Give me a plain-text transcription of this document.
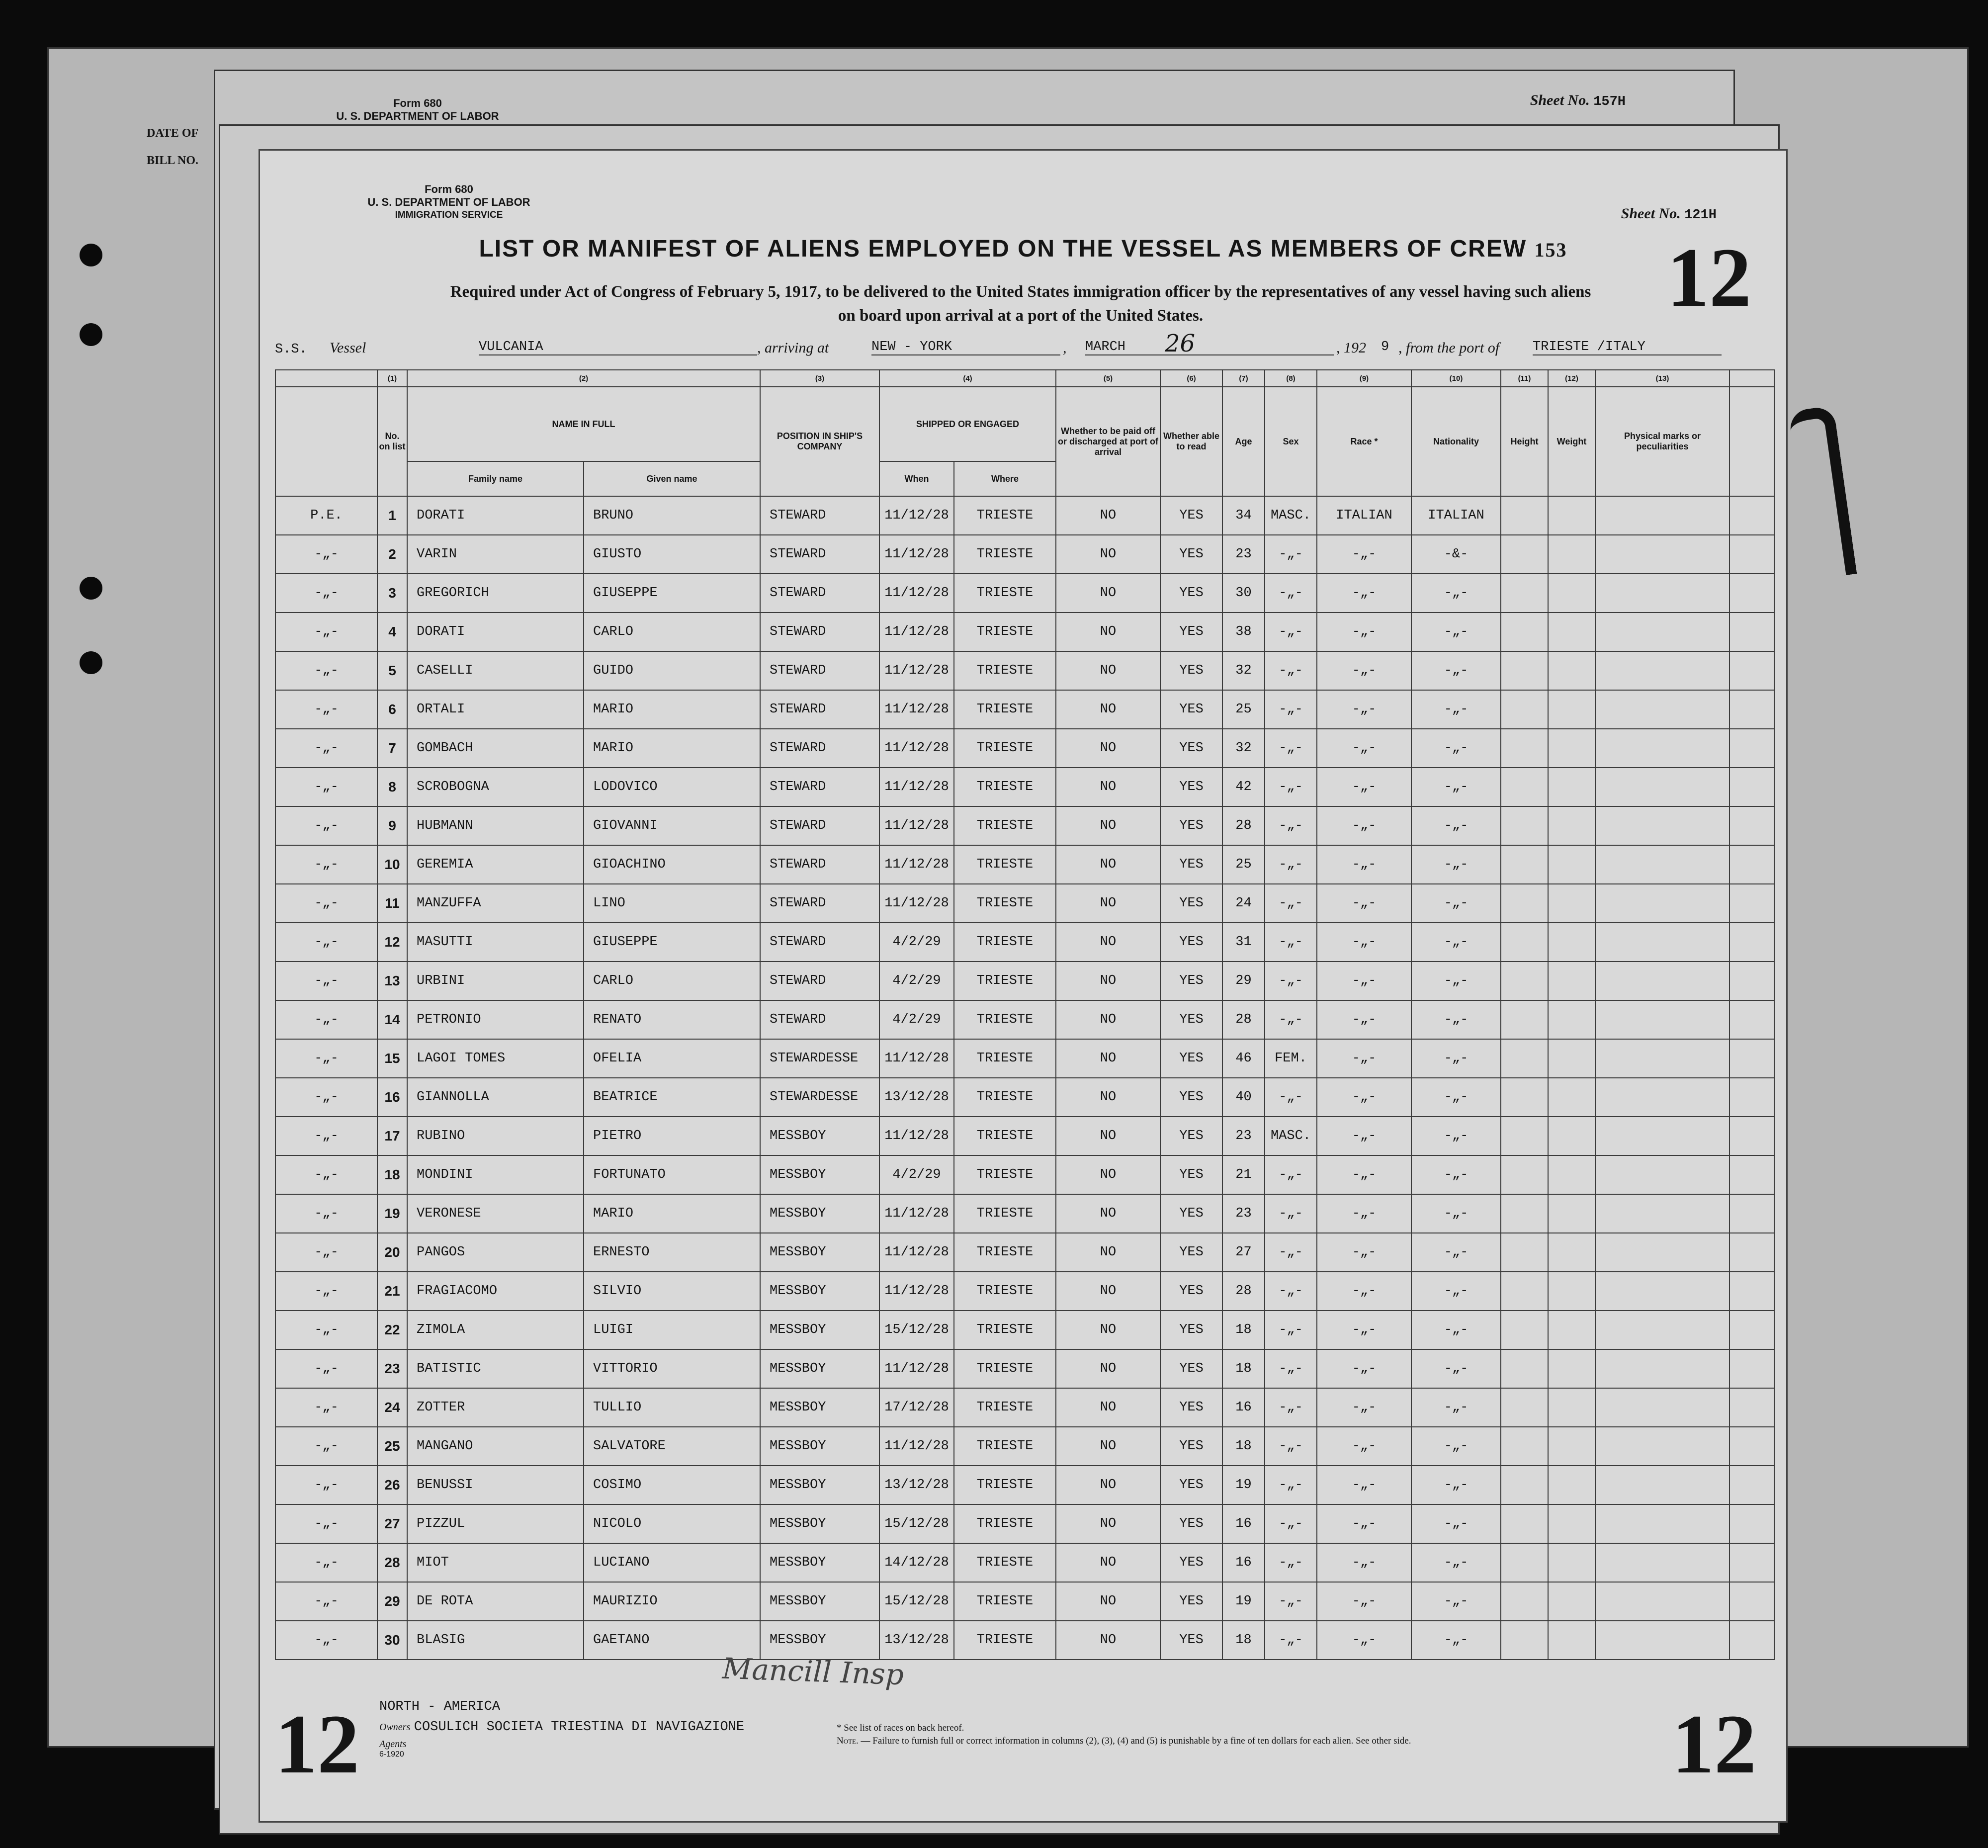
DATE OF
BILL NO.
Form 680
U. S. DEPARTMENT OF LABOR
Sheet No. 157H
Form 680
U. S. DEPARTMENT OF LABOR
IMMIGRATION SERVICE	Sheet No. 121H
LIST OR MANIFEST OF ALIENS EMPLOYED ON THE VESSEL AS MEMBERS OF CREW 153	12
Required under Act of Congress of February 5, 1917, to be delivered to the United States immigration officer by the representatives of any vessel having such aliens
on board upon arrival at a port of the United States.
S.S. Vessel	VULCANIA	, arriving at	NEW - YORK	, MARCH	26	, 192 9 , from the port of TRIESTE /ITALY
	(1)	(2)		(3)	(4)		(5)	(6)	(7)	(8)	(9)	(10)	(11)	(12)	(13)	
	No. on list	NAME IN FULL		POSITION IN SHIP'S COMPANY	SHIPPED OR ENGAGED		Whether to be paid off or discharged at port of arrival	Whether able to read	Age	Sex	Race *	Nationality	Height	Weight	Physical marks or peculiarities	
		Family name	Given name		When	Where										
P.E.	1	DORATI	BRUNO	STEWARD	11/12/28	TRIESTE	NO	YES	34	MASC.	ITALIAN	ITALIAN				
-„-	2	VARIN	GIUSTO	STEWARD	11/12/28	TRIESTE	NO	YES	23	-„-	-„-	-&-				
-„-	3	GREGORICH	GIUSEPPE	STEWARD	11/12/28	TRIESTE	NO	YES	30	-„-	-„-	-„-				
-„-	4	DORATI	CARLO	STEWARD	11/12/28	TRIESTE	NO	YES	38	-„-	-„-	-„-				
-„-	5	CASELLI	GUIDO	STEWARD	11/12/28	TRIESTE	NO	YES	32	-„-	-„-	-„-				
-„-	6	ORTALI	MARIO	STEWARD	11/12/28	TRIESTE	NO	YES	25	-„-	-„-	-„-				
-„-	7	GOMBACH	MARIO	STEWARD	11/12/28	TRIESTE	NO	YES	32	-„-	-„-	-„-				
-„-	8	SCROBOGNA	LODOVICO	STEWARD	11/12/28	TRIESTE	NO	YES	42	-„-	-„-	-„-				
-„-	9	HUBMANN	GIOVANNI	STEWARD	11/12/28	TRIESTE	NO	YES	28	-„-	-„-	-„-				
-„-	10	GEREMIA	GIOACHINO	STEWARD	11/12/28	TRIESTE	NO	YES	25	-„-	-„-	-„-				
-„-	11	MANZUFFA	LINO	STEWARD	11/12/28	TRIESTE	NO	YES	24	-„-	-„-	-„-				
-„-	12	MASUTTI	GIUSEPPE	STEWARD	4/2/29	TRIESTE	NO	YES	31	-„-	-„-	-„-				
-„-	13	URBINI	CARLO	STEWARD	4/2/29	TRIESTE	NO	YES	29	-„-	-„-	-„-				
-„-	14	PETRONIO	RENATO	STEWARD	4/2/29	TRIESTE	NO	YES	28	-„-	-„-	-„-				
-„-	15	LAGOI TOMES	OFELIA	STEWARDESSE	11/12/28	TRIESTE	NO	YES	46	FEM.	-„-	-„-				
-„-	16	GIANNOLLA	BEATRICE	STEWARDESSE	13/12/28	TRIESTE	NO	YES	40	-„-	-„-	-„-				
-„-	17	RUBINO	PIETRO	MESSBOY	11/12/28	TRIESTE	NO	YES	23	MASC.	-„-	-„-				
-„-	18	MONDINI	FORTUNATO	MESSBOY	4/2/29	TRIESTE	NO	YES	21	-„-	-„-	-„-				
-„-	19	VERONESE	MARIO	MESSBOY	11/12/28	TRIESTE	NO	YES	23	-„-	-„-	-„-				
-„-	20	PANGOS	ERNESTO	MESSBOY	11/12/28	TRIESTE	NO	YES	27	-„-	-„-	-„-				
-„-	21	FRAGIACOMO	SILVIO	MESSBOY	11/12/28	TRIESTE	NO	YES	28	-„-	-„-	-„-				
-„-	22	ZIMOLA	LUIGI	MESSBOY	15/12/28	TRIESTE	NO	YES	18	-„-	-„-	-„-				
-„-	23	BATISTIC	VITTORIO	MESSBOY	11/12/28	TRIESTE	NO	YES	18	-„-	-„-	-„-				
-„-	24	ZOTTER	TULLIO	MESSBOY	17/12/28	TRIESTE	NO	YES	16	-„-	-„-	-„-				
-„-	25	MANGANO	SALVATORE	MESSBOY	11/12/28	TRIESTE	NO	YES	18	-„-	-„-	-„-				
-„-	26	BENUSSI	COSIMO	MESSBOY	13/12/28	TRIESTE	NO	YES	19	-„-	-„-	-„-				
-„-	27	PIZZUL	NICOLO	MESSBOY	15/12/28	TRIESTE	NO	YES	16	-„-	-„-	-„-				
-„-	28	MIOT	LUCIANO	MESSBOY	14/12/28	TRIESTE	NO	YES	16	-„-	-„-	-„-				
-„-	29	DE ROTA	MAURIZIO	MESSBOY	15/12/28	TRIESTE	NO	YES	19	-„-	-„-	-„-				
-„-	30	BLASIG	GAETANO	MESSBOY	13/12/28	TRIESTE	NO	YES	18	-„-	-„-	-„-				
Mancill Insp
12 NORTH - AMERICA
Owners COSULICH SOCIETA TRIESTINA DI NAVIGAZIONE
Agents
6-1920
* See list of races on back hereof.
Note. — Failure to furnish full or correct information in columns (2), (3), (4) and (5) is punishable by a fine of ten dollars for each alien. See other side.	12
